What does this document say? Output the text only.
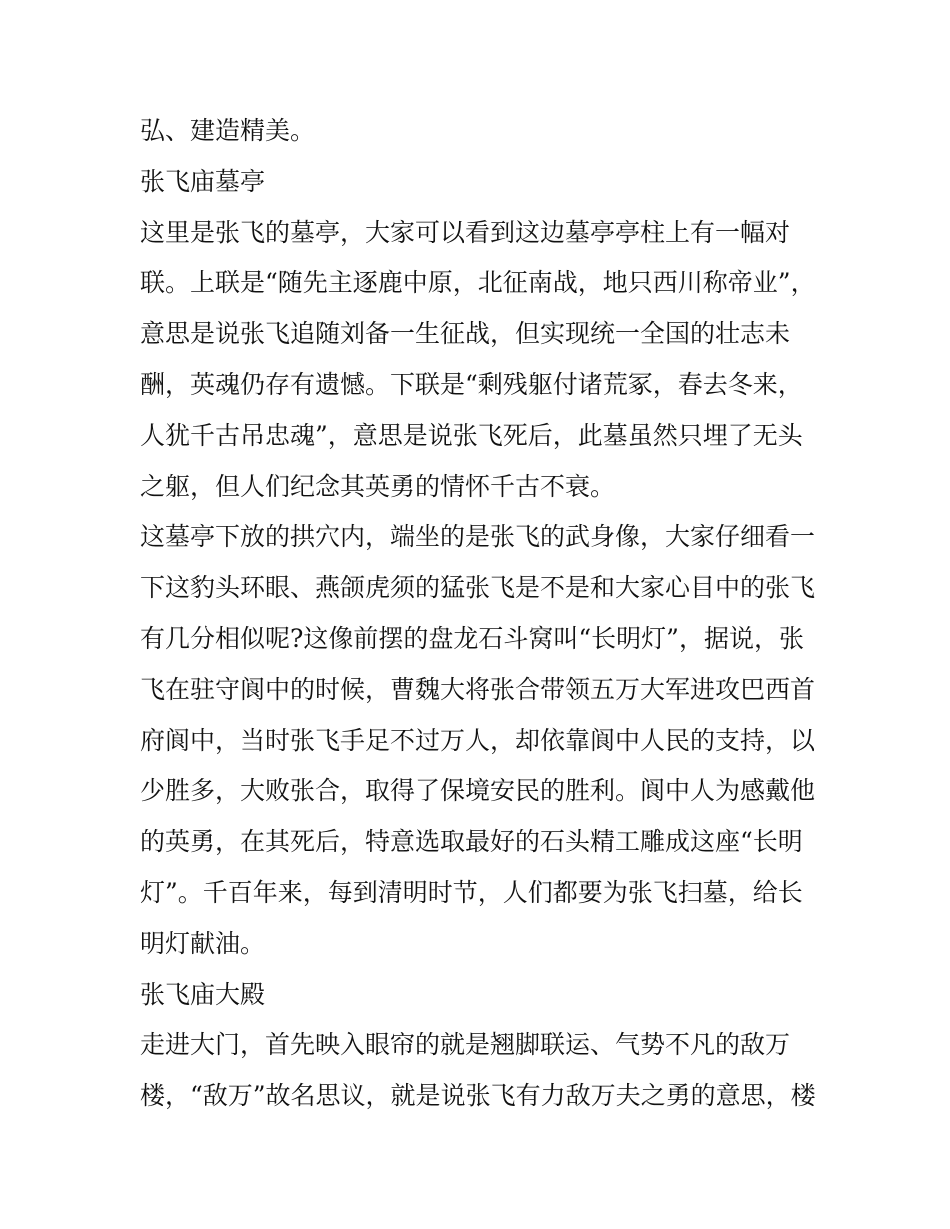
弘、建造精美。
张飞庙墓亭
这里是张飞的墓亭，大家可以看到这边墓亭亭柱上有一幅对
联。上联是“随先主逐鹿中原，北征南战，地只西川称帝业”，
意思是说张飞追随刘备一生征战，但实现统一全国的壮志未
酬，英魂仍存有遗憾。下联是“剩残躯付诸荒冢，春去冬来，
人犹千古吊忠魂”，意思是说张飞死后，此墓虽然只埋了无头
之躯，但人们纪念其英勇的情怀千古不衰。
这墓亭下放的拱穴内，端坐的是张飞的武身像，大家仔细看一
下这豹头环眼、燕颌虎须的猛张飞是不是和大家心目中的张飞
有几分相似呢?这像前摆的盘龙石斗窝叫“长明灯”，据说，张
飞在驻守阆中的时候，曹魏大将张合带领五万大军进攻巴西首
府阆中，当时张飞手足不过万人，却依靠阆中人民的支持，以
少胜多，大败张合，取得了保境安民的胜利。阆中人为感戴他
的英勇，在其死后，特意选取最好的石头精工雕成这座“长明
灯”。千百年来，每到清明时节，人们都要为张飞扫墓，给长
明灯献油。
张飞庙大殿
走进大门，首先映入眼帘的就是翘脚联运、气势不凡的敌万
楼，“敌万”故名思议，就是说张飞有力敌万夫之勇的意思，楼
